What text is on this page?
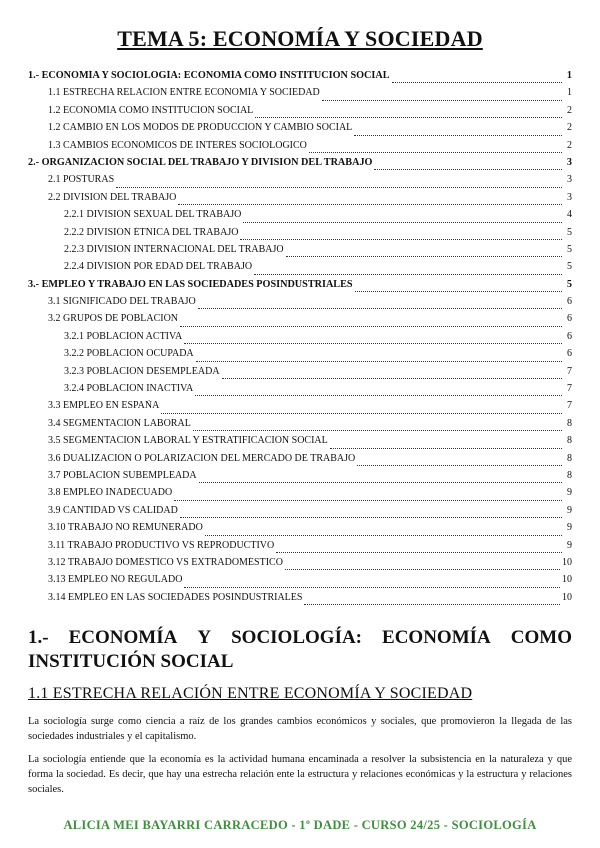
TEMA 5: ECONOMÍA Y SOCIEDAD
1.- ECONOMÍA Y SOCIOLOGÍA: ECONOMÍA COMO INSTITUCIÓN SOCIAL	1
1.1 ESTRECHA RELACIÓN ENTRE ECONOMÍA Y SOCIEDAD	1
1.2 ECONOMÍA COMO INSTITUCIÓN SOCIAL	2
1.2 CAMBIO EN LOS MODOS DE PRODUCCIÓN Y CAMBIO SOCIAL	2
1.3 CAMBIOS ECONÓMICOS DE INTERÉS SOCIOLÓGICO	2
2.- ORGANIZACIÓN SOCIAL DEL TRABAJO Y DIVISIÓN DEL TRABAJO	3
2.1 POSTURAS	3
2.2 DIVISIÓN DEL TRABAJO	3
2.2.1 DIVISIÓN SEXUAL DEL TRABAJO	4
2.2.2 DIVISIÓN ÉTNICA DEL TRABAJO	5
2.2.3 DIVISIÓN INTERNACIONAL DEL TRABAJO	5
2.2.4 DIVISIÓN POR EDAD DEL TRABAJO	5
3.- EMPLEO Y TRABAJO EN LAS SOCIEDADES POSINDUSTRIALES	5
3.1 SIGNIFICADO DEL TRABAJO	6
3.2 GRUPOS DE POBLACIÓN	6
3.2.1 POBLACIÓN ACTIVA	6
3.2.2 POBLACIÓN OCUPADA	6
3.2.3 POBLACIÓN DESEMPLEADA	7
3.2.4 POBLACIÓN INACTIVA	7
3.3 EMPLEO EN ESPAÑA	7
3.4 SEGMENTACIÓN LABORAL	8
3.5 SEGMENTACIÓN LABORAL Y ESTRATIFICACIÓN SOCIAL	8
3.6 DUALIZACIÓN O POLARIZACIÓN DEL MERCADO DE TRABAJO	8
3.7 POBLACIÓN SUBEMPLEADA	8
3.8 EMPLEO INADECUADO	9
3.9 CANTIDAD VS CALIDAD	9
3.10 TRABAJO NO REMUNERADO	9
3.11 TRABAJO PRODUCTIVO VS REPRODUCTIVO	9
3.12 TRABAJO DOMÉSTICO VS EXTRADOMÉSTICO	10
3.13 EMPLEO NO REGULADO	10
3.14 EMPLEO EN LAS SOCIEDADES POSINDUSTRIALES	10
1.- ECONOMÍA Y SOCIOLOGÍA: ECONOMÍA COMO
INSTITUCIÓN SOCIAL
1.1 ESTRECHA RELACIÓN ENTRE ECONOMÍA Y SOCIEDAD
La sociología surge como ciencia a raíz de los grandes cambios económicos y sociales, que promovieron la llegada de las sociedades industriales y el capitalismo.
La sociología entiende que la economía es la actividad humana encaminada a resolver la subsistencia en la naturaleza y que forma la sociedad. Es decir, que hay una estrecha relación ente la estructura y relaciones económicas y la estructura y relaciones sociales.
ALICIA MEI BAYARRI CARRACEDO - 1º DADE - CURSO 24/25 - SOCIOLOGÍA
